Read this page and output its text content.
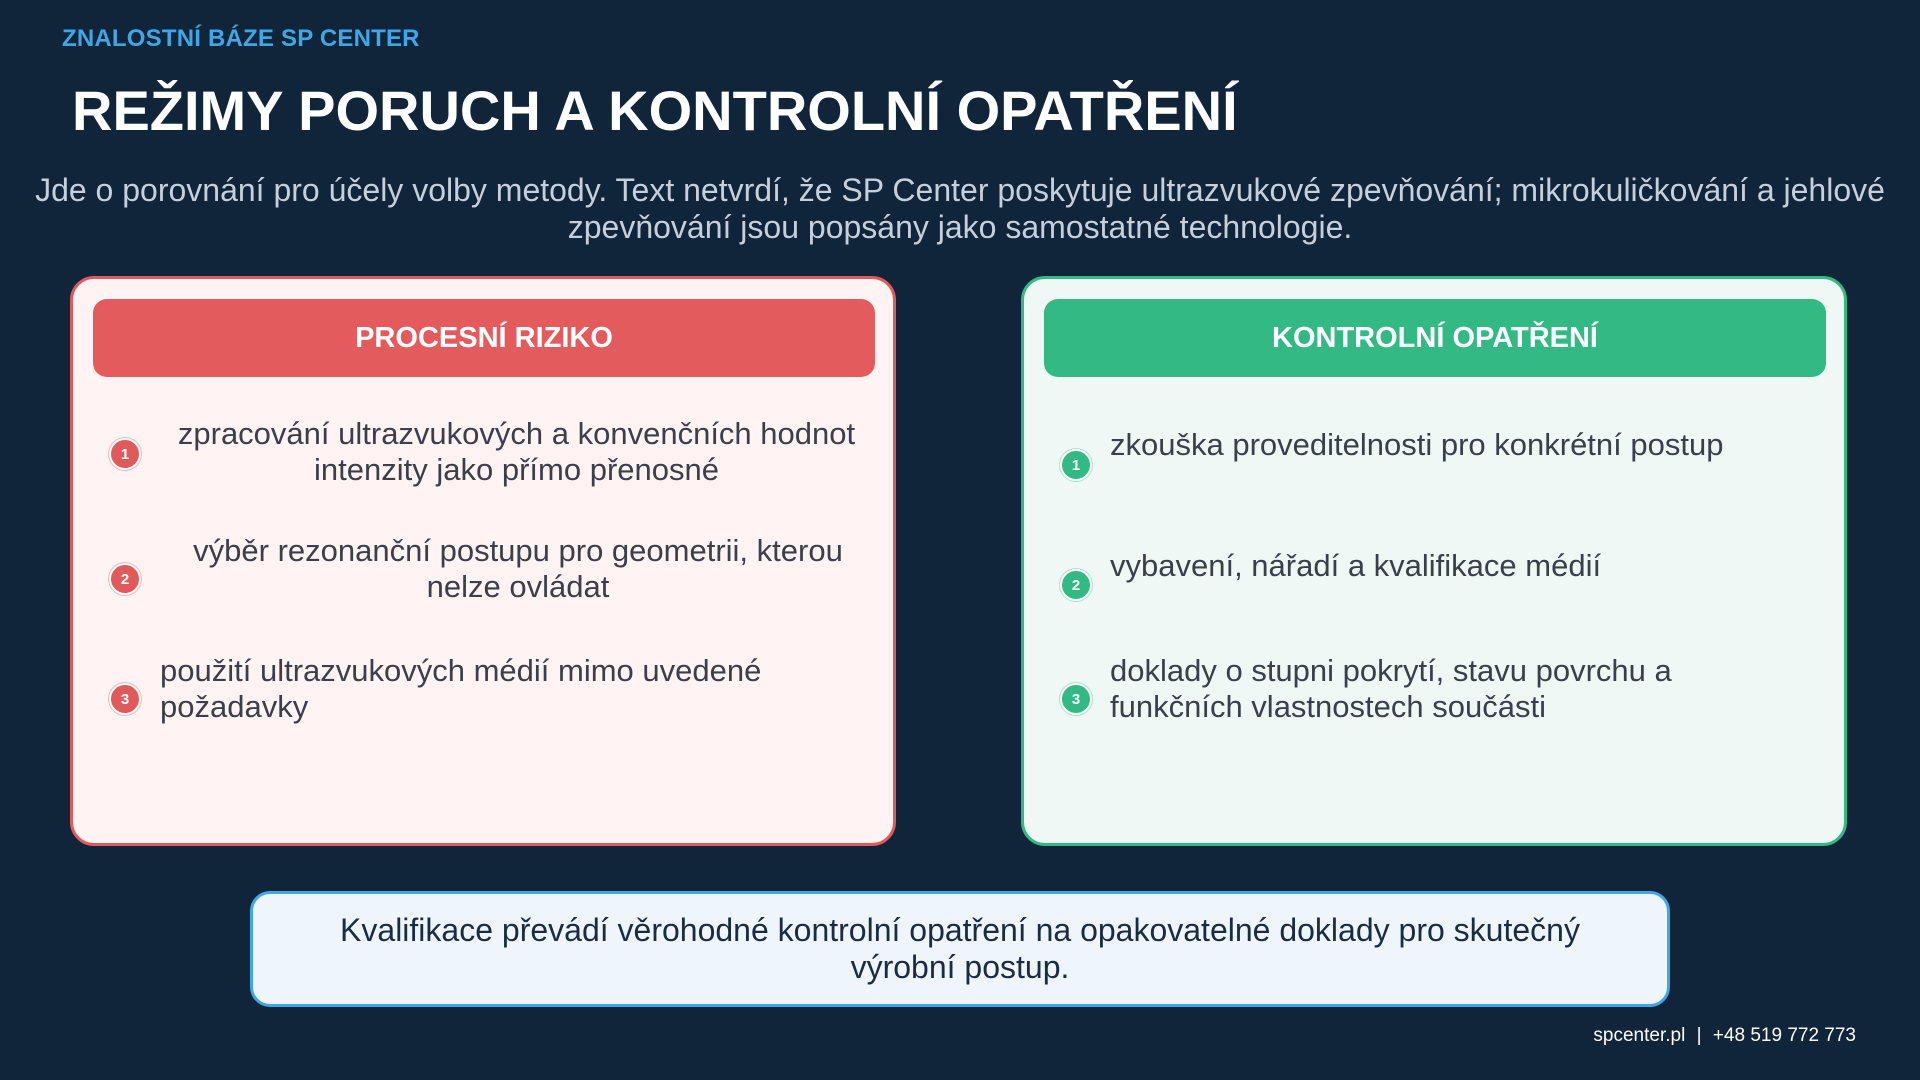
ZNALOSTNÍ BÁZE SP CENTER
REŽIMY PORUCH A KONTROLNÍ OPATŘENÍ
Jde o porovnání pro účely volby metody. Text netvrdí, že SP Center poskytuje ultrazvukové zpevňování; mikrokuličkování a jehlové zpevňování jsou popsány jako samostatné technologie.
PROCESNÍ RIZIKO
1
zpracování ultrazvukových a konvenčních hodnot intenzity jako přímo přenosné
2
výběr rezonanční postupu pro geometrii, kterou nelze ovládat
3
použití ultrazvukových médií mimo uvedené požadavky
KONTROLNÍ OPATŘENÍ
1
zkouška proveditelnosti pro konkrétní postup
2
vybavení, nářadí a kvalifikace médií
3
doklady o stupni pokrytí, stavu povrchu a funkčních vlastnostech součásti
Kvalifikace převádí věrohodné kontrolní opatření na opakovatelné doklady pro skutečný výrobní postup.
spcenter.pl | +48 519 772 773
